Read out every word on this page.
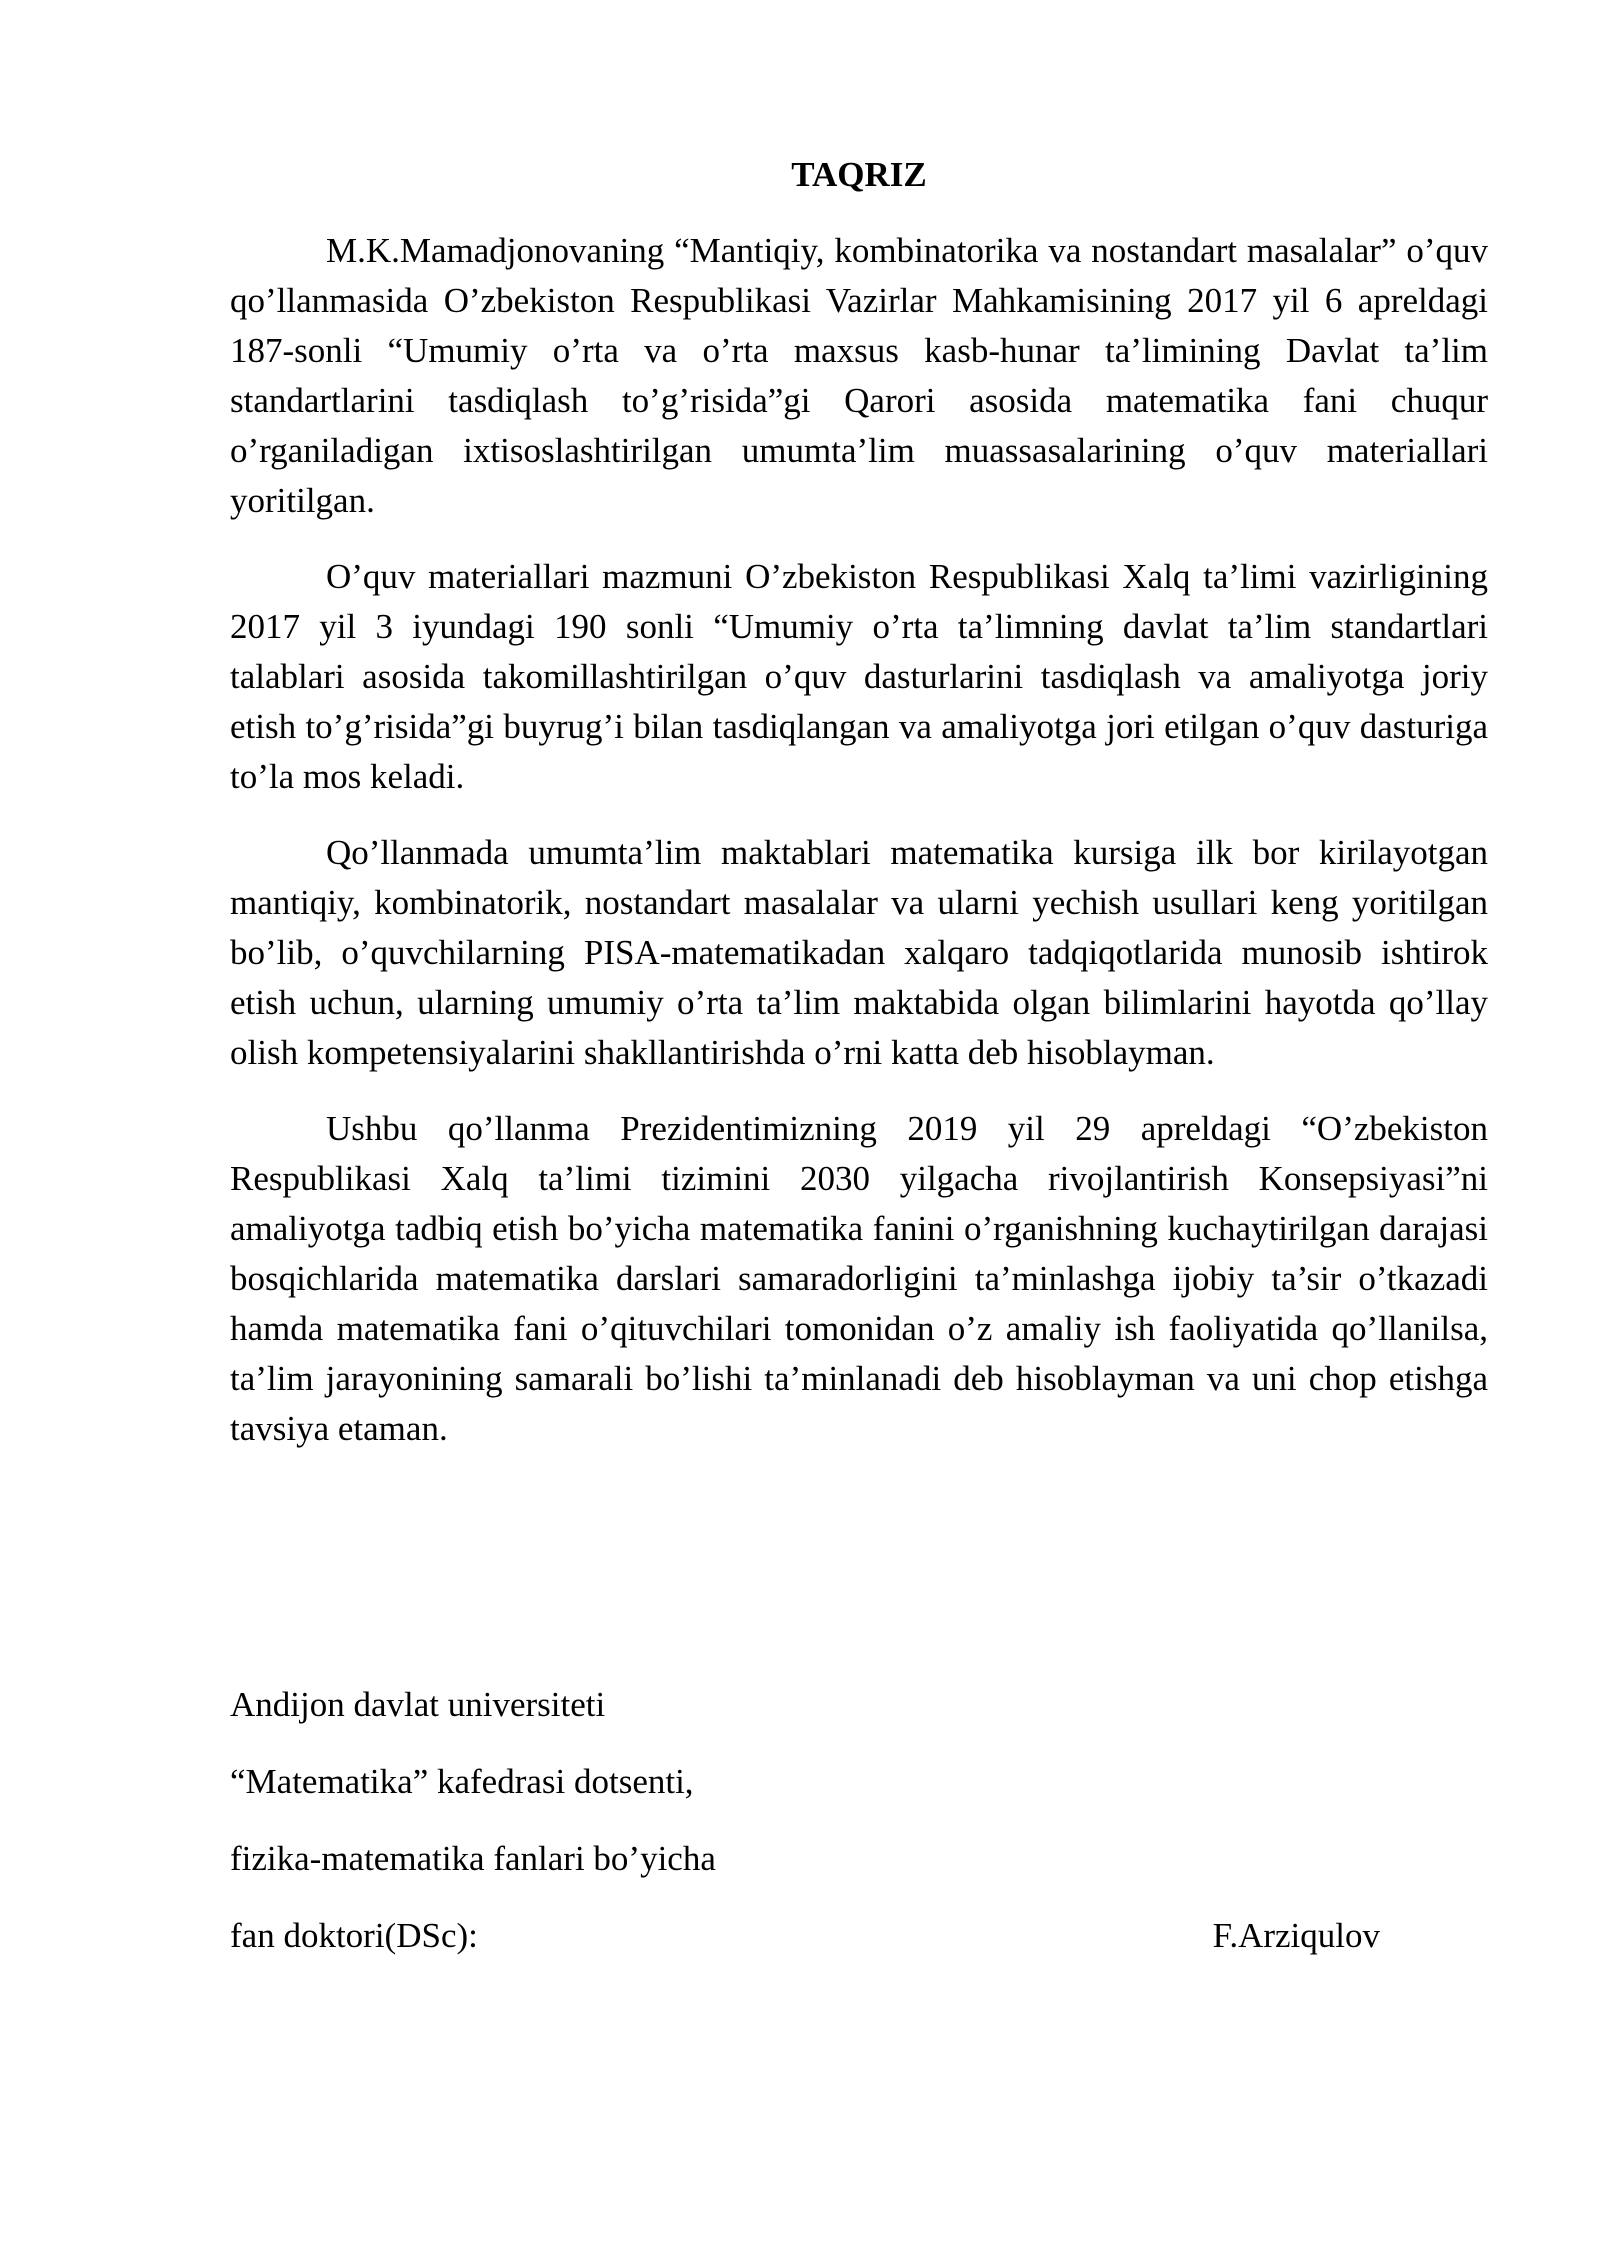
TAQRIZ

M.K.Mamadjonovaning “Mantiqiy, kombinatorika va nostandart masalalar” o’quv qo’llanmasida O’zbekiston Respublikasi Vazirlar Mahkamisining 2017 yil 6 apreldagi 187-sonli “Umumiy o’rta va o’rta maxsus kasb-hunar ta’limining Davlat ta’lim standartlarini tasdiqlash to’g’risida”gi Qarori asosida matematika fani chuqur o’rganiladigan ixtisoslashtirilgan umumta’lim muassasalarining o’quv materiallari yoritilgan.

O’quv materiallari mazmuni O’zbekiston Respublikasi Xalq ta’limi vazirligining 2017 yil 3 iyundagi 190 sonli “Umumiy o’rta ta’limning davlat ta’lim standartlari talablari asosida takomillashtirilgan o’quv dasturlarini tasdiqlash va amaliyotga joriy etish to’g’risida”gi buyrug’i bilan tasdiqlangan va amaliyotga jori etilgan o’quv dasturiga to’la mos keladi.

Qo’llanmada umumta’lim maktablari matematika kursiga ilk bor kirilayotgan mantiqiy, kombinatorik, nostandart masalalar va ularni yechish usullari keng yoritilgan bo’lib, o’quvchilarning PISA-matematikadan xalqaro tadqiqotlarida munosib ishtirok etish uchun, ularning umumiy o’rta ta’lim maktabida olgan bilimlarini hayotda qo’llay olish kompetensiyalarini shakllantirishda o’rni katta deb hisoblayman.

Ushbu qo’llanma Prezidentimizning 2019 yil 29 apreldagi “O’zbekiston Respublikasi Xalq ta’limi tizimini 2030 yilgacha rivojlantirish Konsepsiyasi”ni amaliyotga tadbiq etish bo’yicha matematika fanini o’rganishning kuchaytirilgan darajasi bosqichlarida matematika darslari samaradorligini ta’minlashga ijobiy ta’sir o’tkazadi hamda matematika fani o’qituvchilari tomonidan o’z amaliy ish faoliyatida qo’llanilsa, ta’lim jarayonining samarali bo’lishi ta’minlanadi deb hisoblayman va uni chop etishga tavsiya etaman.

Andijon davlat universiteti
“Matematika” kafedrasi dotsenti,
fizika-matematika fanlari bo’yicha
fan doktori(DSc):	F.Arziqulov
